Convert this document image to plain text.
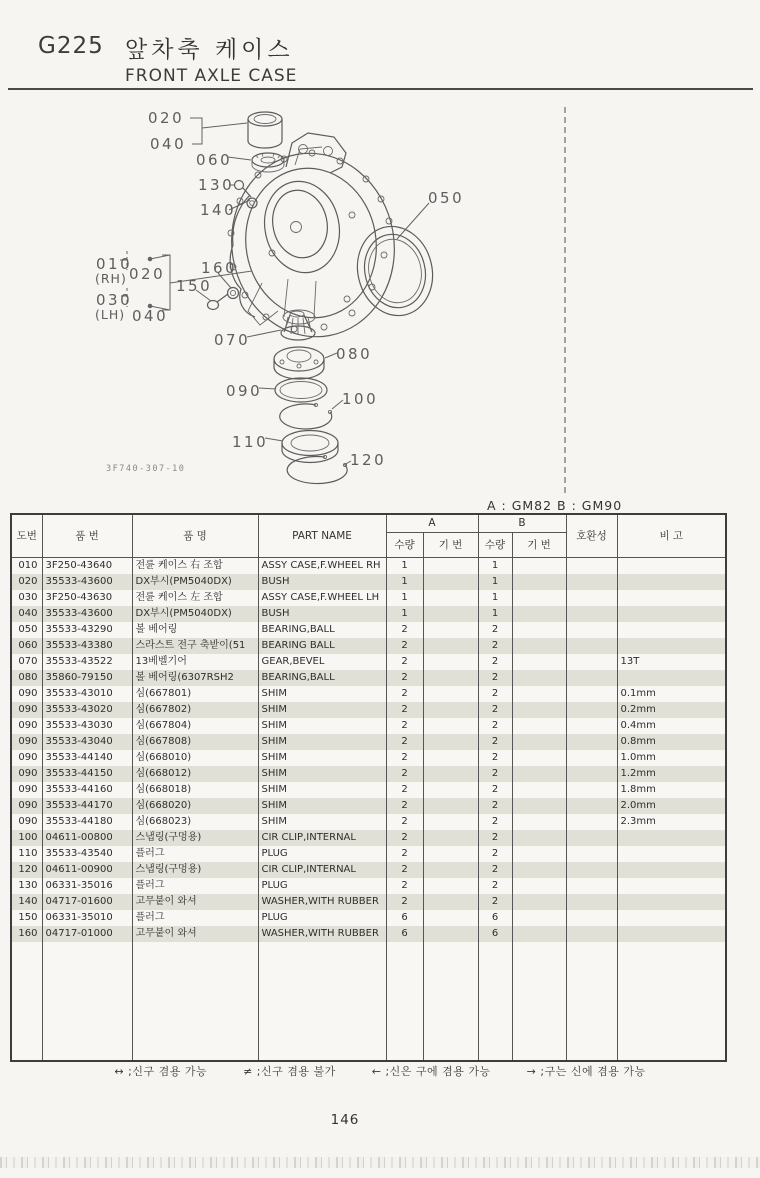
G225 앞차축 케이스
FRONT AXLE CASE
020
040
060
130
140
010
(RH) 020
030
(LH) 040
160
150
050
070
080
090	100
110
120
3F740-307-10
A : GM82 B : GM90
도번	품 번	품 명	PART NAME	A		B		호환성	비 고
				수량	기 번	수량	기 번		
010	3F250-43640	전륜 케이스 右 조합	ASSY CASE,F.WHEEL RH	1		1			
020	35533-43600	DX부시(PM5040DX)	BUSH	1		1			
030	3F250-43630	전륜 케이스 左 조합	ASSY CASE,F.WHEEL LH	1		1			
040	35533-43600	DX부시(PM5040DX)	BUSH	1		1			
050	35533-43290	볼 베어링	BEARING,BALL	2		2			
060	35533-43380	스라스트 전구 축받이(51	BEARING BALL	2		2			
070	35533-43522	13베벨기어	GEAR,BEVEL	2		2			13T
080	35860-79150	볼 베어링(6307RSH2	BEARING,BALL	2		2			
090	35533-43010	심(667801)	SHIM	2		2			0.1mm
090	35533-43020	심(667802)	SHIM	2		2			0.2mm
090	35533-43030	심(667804)	SHIM	2		2			0.4mm
090	35533-43040	심(667808)	SHIM	2		2			0.8mm
090	35533-44140	심(668010)	SHIM	2		2			1.0mm
090	35533-44150	심(668012)	SHIM	2		2			1.2mm
090	35533-44160	심(668018)	SHIM	2		2			1.8mm
090	35533-44170	심(668020)	SHIM	2		2			2.0mm
090	35533-44180	심(668023)	SHIM	2		2			2.3mm
100	04611-00800	스냅링(구멍용)	CIR CLIP,INTERNAL	2		2			
110	35533-43540	플러그	PLUG	2		2			
120	04611-00900	스냅링(구멍용)	CIR CLIP,INTERNAL	2		2			
130	06331-35016	플러그	PLUG	2		2			
140	04717-01600	고무붙이 와셔	WASHER,WITH RUBBER	2		2			
150	06331-35010	플러그	PLUG	6		6			
160	04717-01000	고무붙이 와셔	WASHER,WITH RUBBER	6		6			

↔ ;신구 겸용 가능	≠ ;신구 겸용 불가	← ;신은 구에 겸용 가능	→ ;구는 신에 겸용 가능
146
